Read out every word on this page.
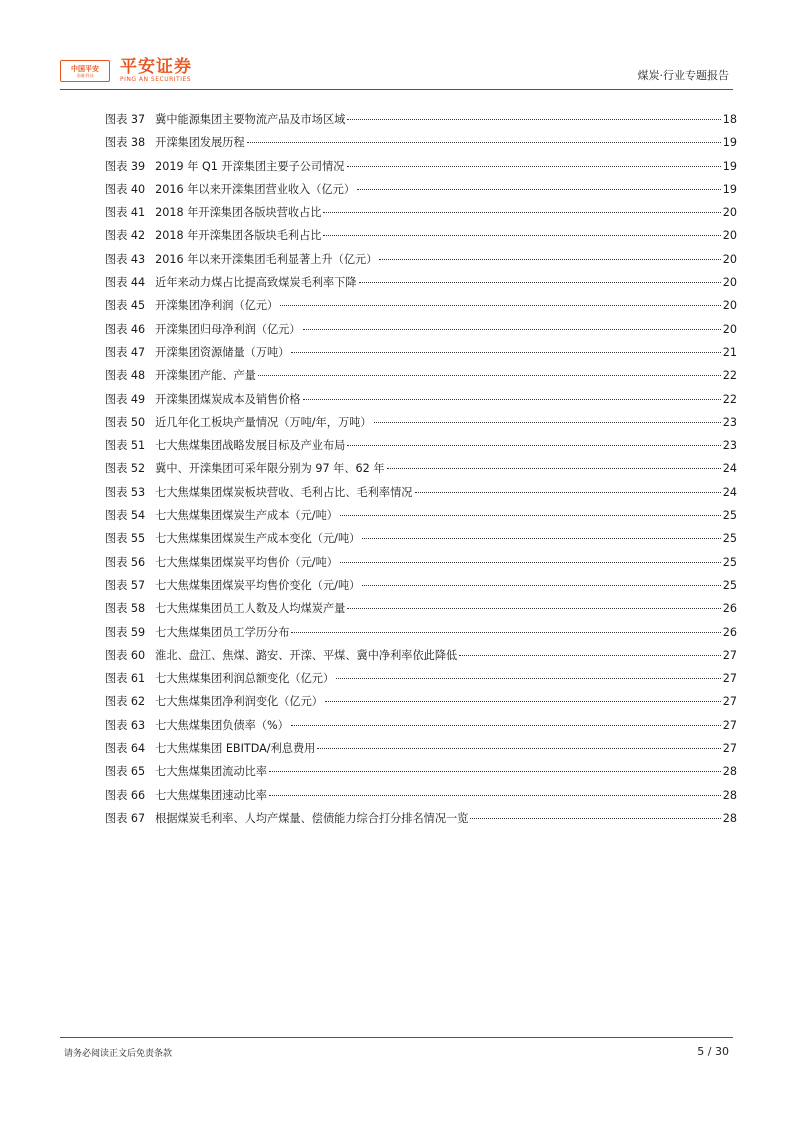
中国平安
金融·科技 平安证券
PING AN SECURITIES	煤炭·行业专题报告
图表 37 冀中能源集团主要物流产品及市场区域	18
图表 38 开滦集团发展历程	19
图表 39 2019 年 Q1 开滦集团主要子公司情况	19
图表 40 2016 年以来开滦集团营业收入（亿元）	19
图表 41 2018 年开滦集团各版块营收占比	20
图表 42 2018 年开滦集团各版块毛利占比	20
图表 43 2016 年以来开滦集团毛利显著上升（亿元）	20
图表 44 近年来动力煤占比提高致煤炭毛利率下降	20
图表 45 开滦集团净利润（亿元）	20
图表 46 开滦集团归母净利润（亿元）	20
图表 47 开滦集团资源储量（万吨）	21
图表 48 开滦集团产能、产量	22
图表 49 开滦集团煤炭成本及销售价格	22
图表 50 近几年化工板块产量情况（万吨/年，万吨）	23
图表 51 七大焦煤集团战略发展目标及产业布局	23
图表 52 冀中、开滦集团可采年限分别为 97 年、62 年	24
图表 53 七大焦煤集团煤炭板块营收、毛利占比、毛利率情况	24
图表 54 七大焦煤集团煤炭生产成本（元/吨）	25
图表 55 七大焦煤集团煤炭生产成本变化（元/吨）	25
图表 56 七大焦煤集团煤炭平均售价（元/吨）	25
图表 57 七大焦煤集团煤炭平均售价变化（元/吨）	25
图表 58 七大焦煤集团员工人数及人均煤炭产量	26
图表 59 七大焦煤集团员工学历分布	26
图表 60 淮北、盘江、焦煤、潞安、开滦、平煤、冀中净利率依此降低	27
图表 61 七大焦煤集团利润总额变化（亿元）	27
图表 62 七大焦煤集团净利润变化（亿元）	27
图表 63 七大焦煤集团负债率（%）	27
图表 64 七大焦煤集团 EBITDA/利息费用	27
图表 65 七大焦煤集团流动比率	28
图表 66 七大焦煤集团速动比率	28
图表 67 根据煤炭毛利率、人均产煤量、偿债能力综合打分排名情况一览	28
请务必阅读正文后免责条款	5 / 30
